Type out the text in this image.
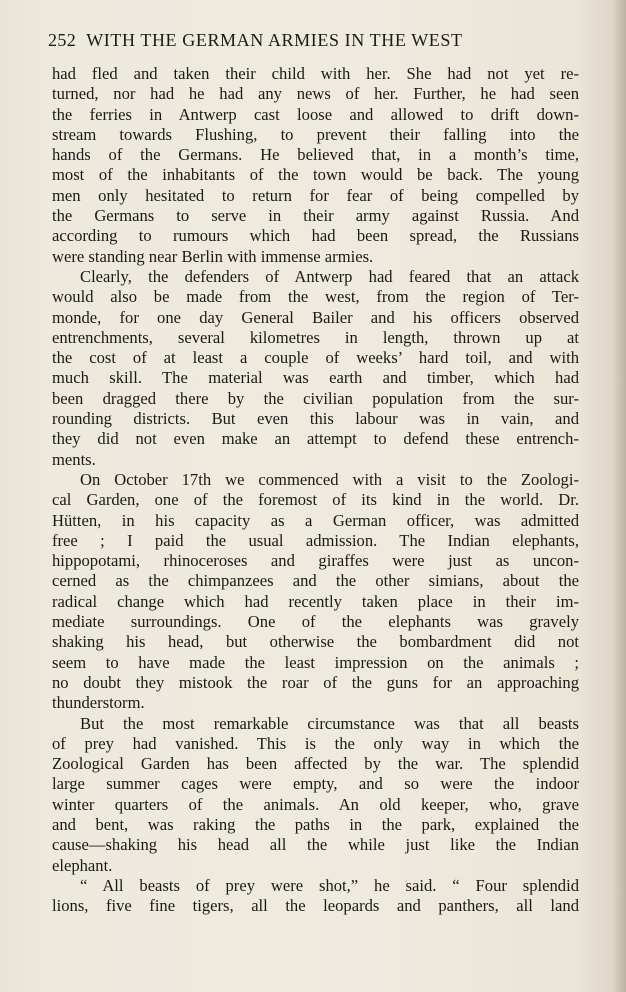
252 WITH THE GERMAN ARMIES IN THE WEST
had fled and taken their child with her. She had not yet re-
turned, nor had he had any news of her. Further, he had seen
the ferries in Antwerp cast loose and allowed to drift down-
stream towards Flushing, to prevent their falling into the
hands of the Germans. He believed that, in a month’s time,
most of the inhabitants of the town would be back. The young
men only hesitated to return for fear of being compelled by
the Germans to serve in their army against Russia. And
according to rumours which had been spread, the Russians
were standing near Berlin with immense armies.
Clearly, the defenders of Antwerp had feared that an attack
would also be made from the west, from the region of Ter-
monde, for one day General Bailer and his officers observed
entrenchments, several kilometres in length, thrown up at
the cost of at least a couple of weeks’ hard toil, and with
much skill. The material was earth and timber, which had
been dragged there by the civilian population from the sur-
rounding districts. But even this labour was in vain, and
they did not even make an attempt to defend these entrench-
ments.
On October 17th we commenced with a visit to the Zoologi-
cal Garden, one of the foremost of its kind in the world. Dr.
Hütten, in his capacity as a German officer, was admitted
free ; I paid the usual admission. The Indian elephants,
hippopotami, rhinoceroses and giraffes were just as uncon-
cerned as the chimpanzees and the other simians, about the
radical change which had recently taken place in their im-
mediate surroundings. One of the elephants was gravely
shaking his head, but otherwise the bombardment did not
seem to have made the least impression on the animals ;
no doubt they mistook the roar of the guns for an approaching
thunderstorm.
But the most remarkable circumstance was that all beasts
of prey had vanished. This is the only way in which the
Zoological Garden has been affected by the war. The splendid
large summer cages were empty, and so were the indoor
winter quarters of the animals. An old keeper, who, grave
and bent, was raking the paths in the park, explained the
cause—shaking his head all the while just like the Indian
elephant.
“ All beasts of prey were shot,” he said. “ Four splendid
lions, five fine tigers, all the leopards and panthers, all land
